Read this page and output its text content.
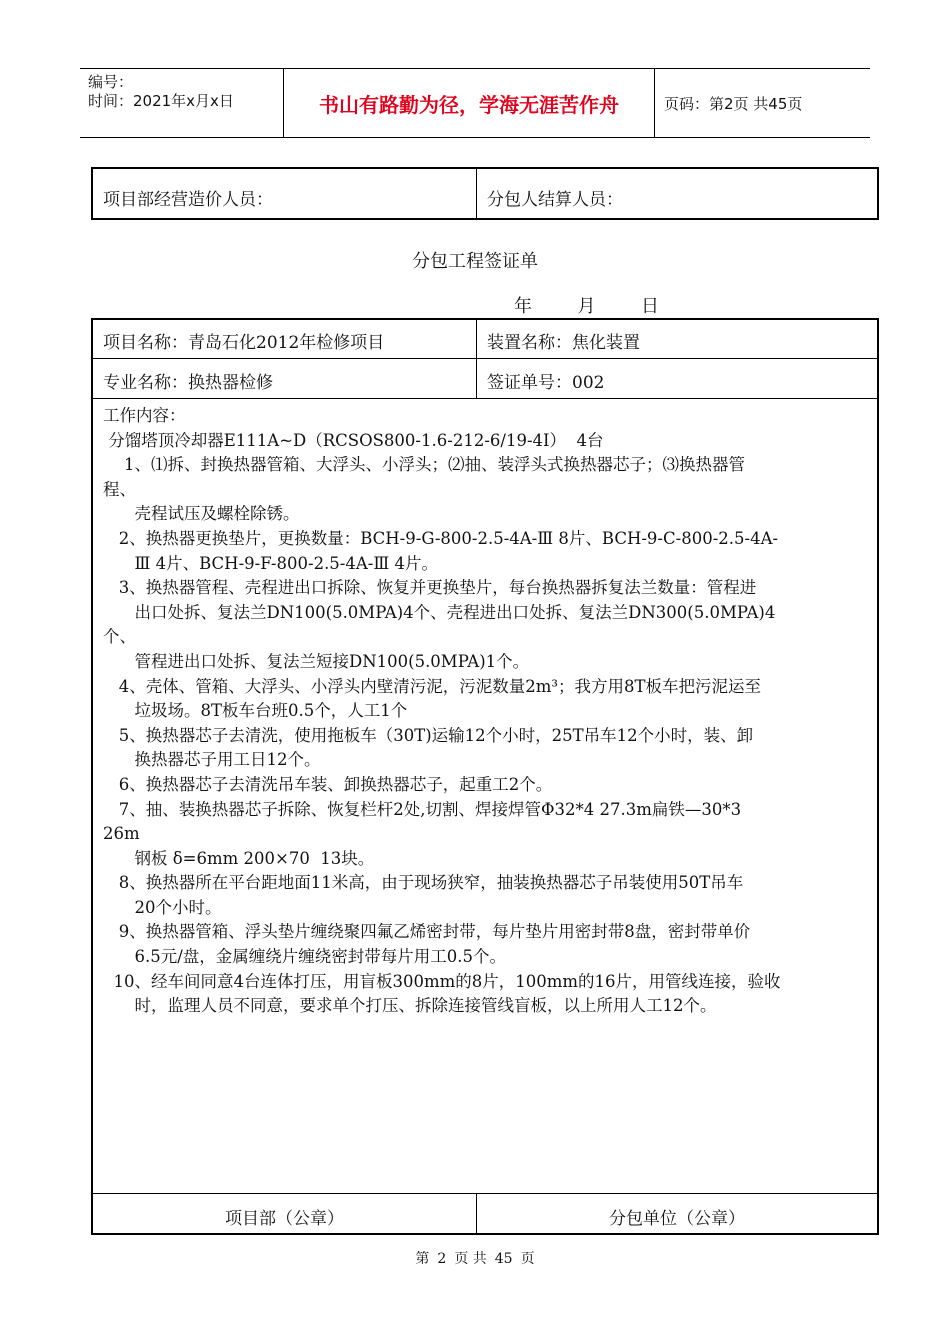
编号：
时间：2021年x月x日	书山有路勤为径，学海无涯苦作舟	页码：第2页 共45页
项目部经营造价人员：	分包人结算人员：
分包工程签证单
年	月	日
项目名称：青岛石化2012年检修项目	装置名称：焦化装置
专业名称：换热器检修	签证单号：002
工作内容：
分馏塔顶冷却器E111A~D（RCSOS800-1.6-212-6/19-4Ⅰ）  4台
1、⑴拆、封换热器管箱、大浮头、小浮头；⑵抽、装浮头式换热器芯子；⑶换热器管
程、
壳程试压及螺栓除锈。
2、换热器更换垫片，更换数量：BCH-9-G-800-2.5-4A-Ⅲ 8片、BCH-9-C-800-2.5-4A-
Ⅲ 4片、BCH-9-F-800-2.5-4A-Ⅲ 4片。
3、换热器管程、壳程进出口拆除、恢复并更换垫片，每台换热器拆复法兰数量：管程进
出口处拆、复法兰DN100(5.0MPA)4个、壳程进出口处拆、复法兰DN300(5.0MPA)4
个、
管程进出口处拆、复法兰短接DN100(5.0MPA)1个。
4、壳体、管箱、大浮头、小浮头内壁清污泥，污泥数量2m³；我方用8T板车把污泥运至
垃圾场。8T板车台班0.5个，人工1个
5、换热器芯子去清洗，使用拖板车（30T)运输12个小时，25T吊车12个小时，装、卸
换热器芯子用工日12个。
6、换热器芯子去清洗吊车装、卸换热器芯子，起重工2个。
7、抽、装换热器芯子拆除、恢复栏杆2处,切割、焊接焊管Φ32*4 27.3m扁铁—30*3
26m
钢板 δ=6mm 200×70  13块。
8、换热器所在平台距地面11米高，由于现场狭窄，抽装换热器芯子吊装使用50T吊车
20个小时。
9、换热器管箱、浮头垫片缠绕聚四氟乙烯密封带，每片垫片用密封带8盘，密封带单价
6.5元/盘，金属缠绕片缠绕密封带每片用工0.5个。
10、经车间同意4台连体打压，用盲板300mm的8片，100mm的16片，用管线连接，验收
时，监理人员不同意，要求单个打压、拆除连接管线盲板，以上所用人工12个。
项目部（公章）	分包单位（公章）
第 2 页 共 45 页
